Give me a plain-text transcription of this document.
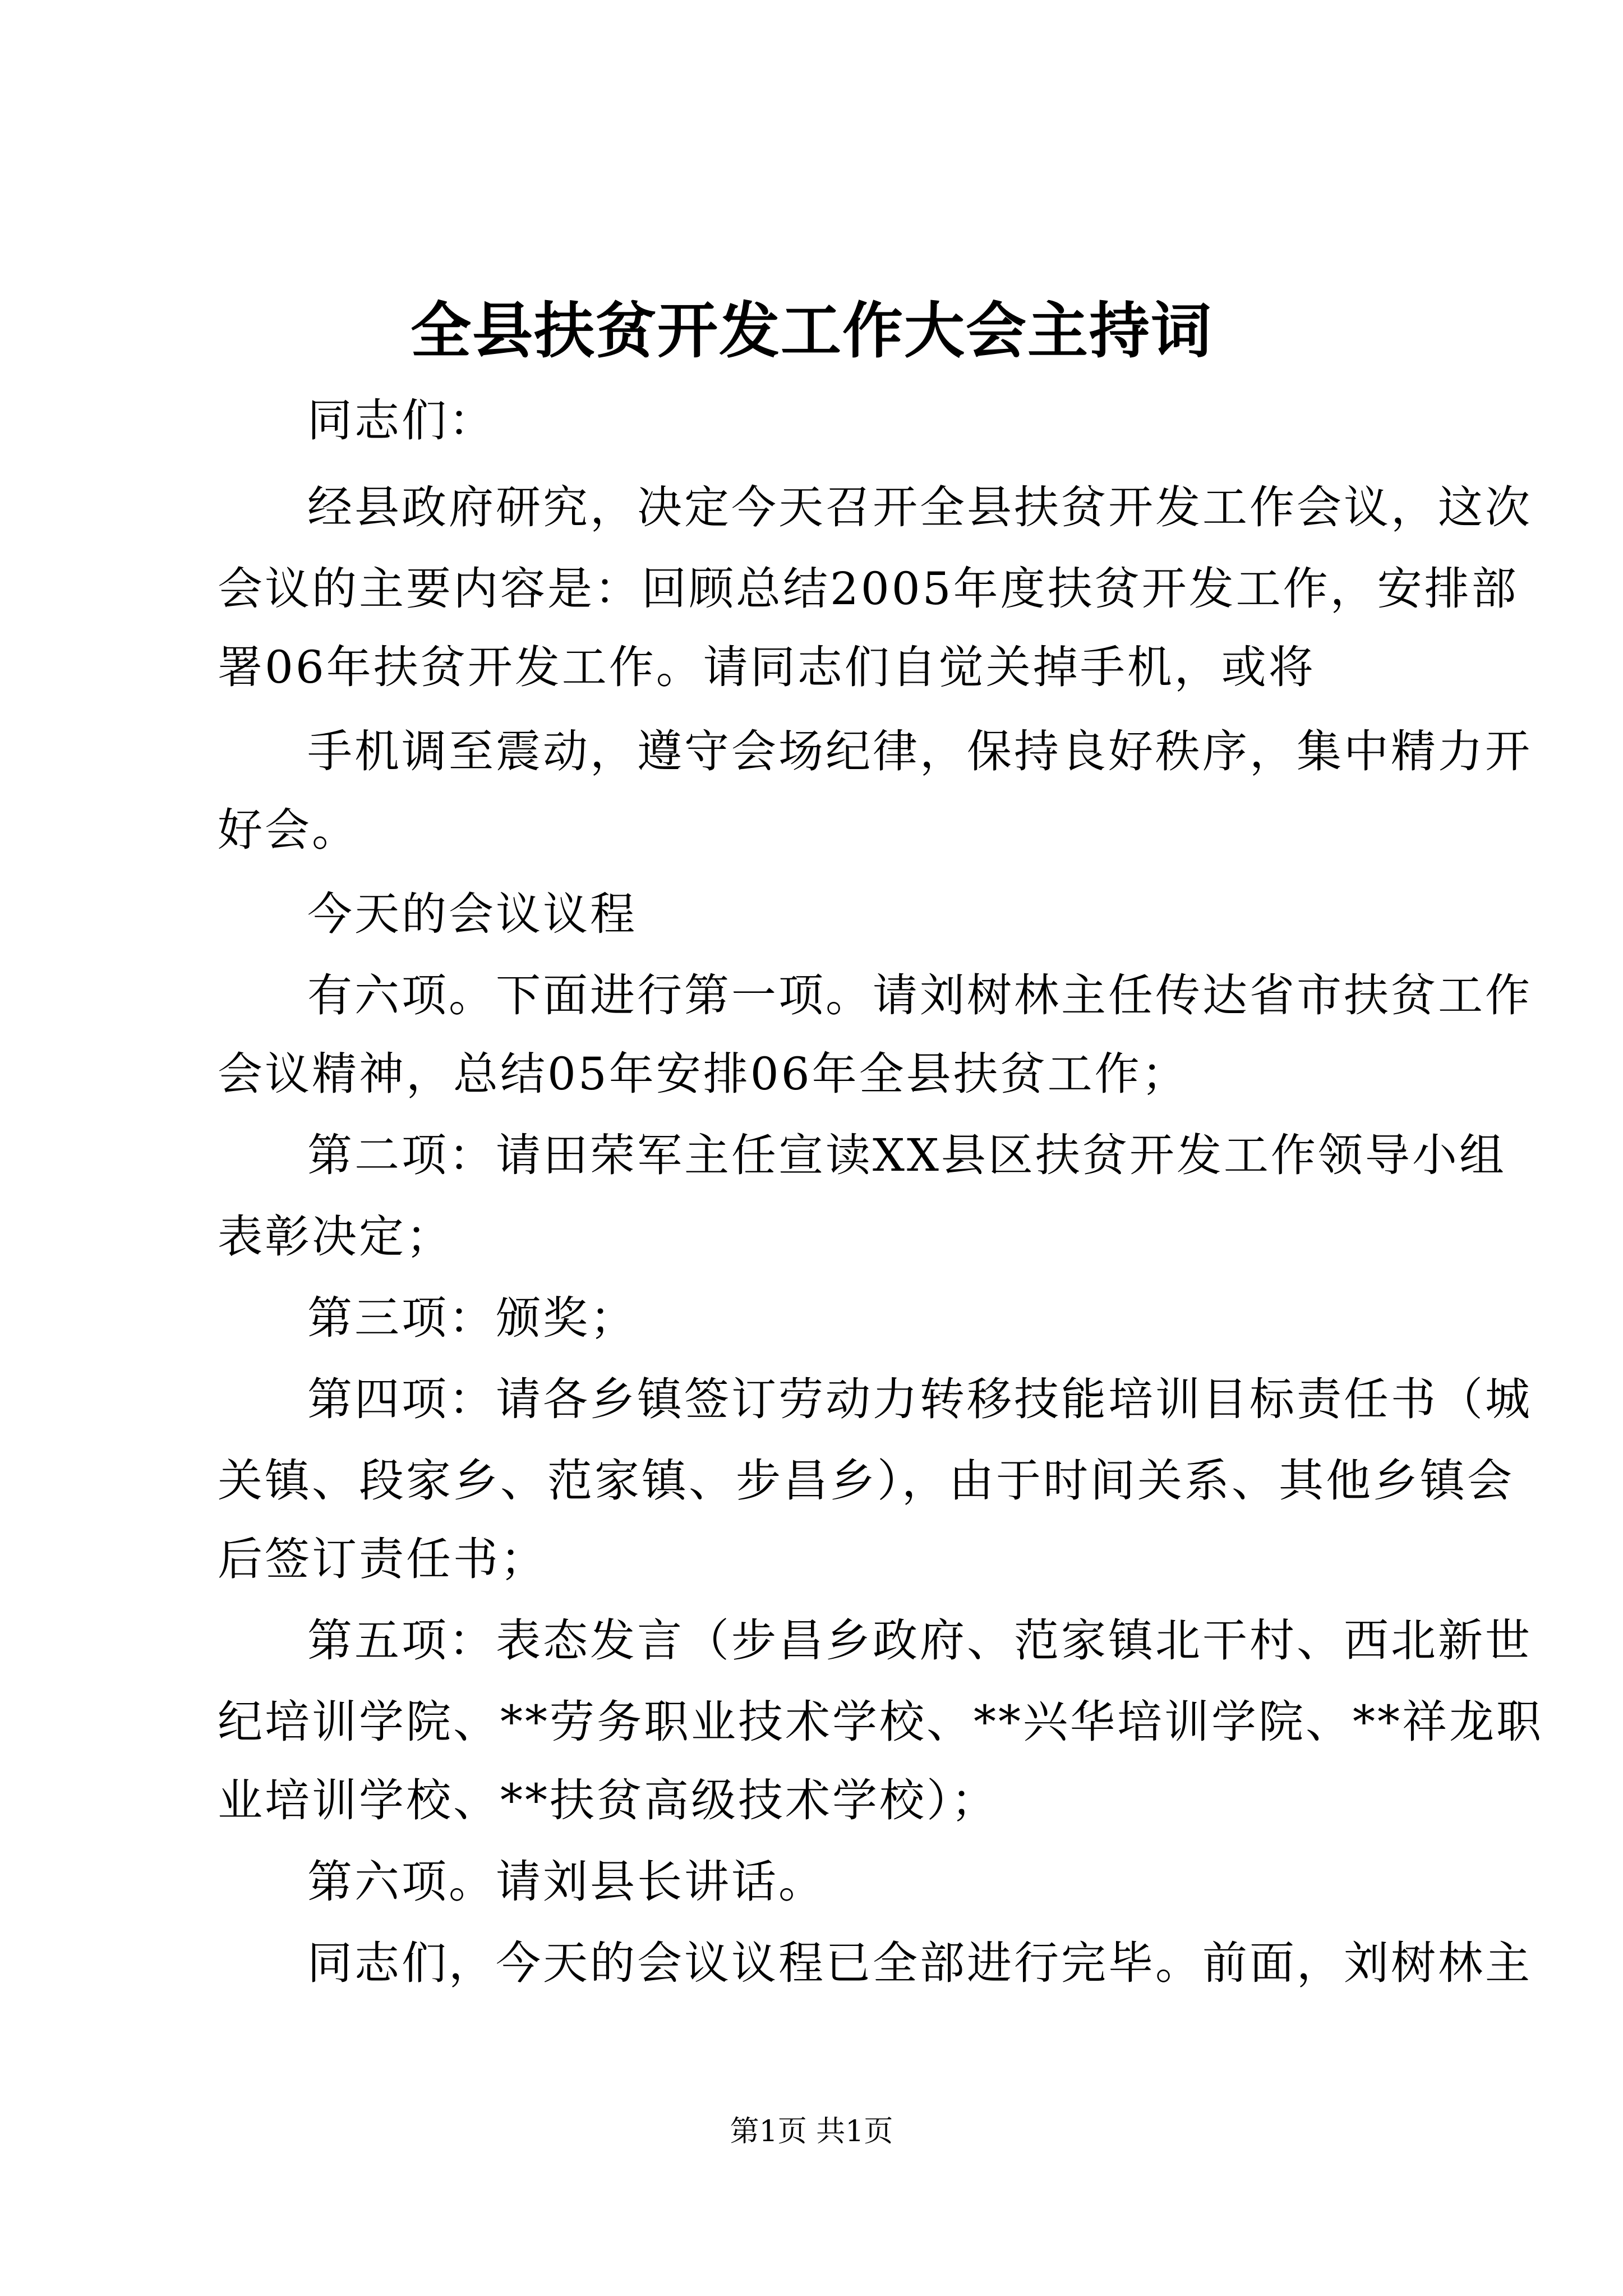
全县扶贫开发工作大会主持词
同志们：
经县政府研究，决定今天召开全县扶贫开发工作会议，这次
会议的主要内容是：回顾总结2005年度扶贫开发工作，安排部
署06年扶贫开发工作。请同志们自觉关掉手机，或将
手机调至震动，遵守会场纪律，保持良好秩序，集中精力开
好会。
今天的会议议程
有六项。下面进行第一项。请刘树林主任传达省市扶贫工作
会议精神，总结05年安排06年全县扶贫工作；
第二项：请田荣军主任宣读XX县区扶贫开发工作领导小组
表彰决定；
第三项：颁奖；
第四项：请各乡镇签订劳动力转移技能培训目标责任书（城
关镇、段家乡、范家镇、步昌乡），由于时间关系、其他乡镇会
后签订责任书；
第五项：表态发言（步昌乡政府、范家镇北干村、西北新世
纪培训学院、**劳务职业技术学校、**兴华培训学院、**祥龙职
业培训学校、**扶贫高级技术学校）；
第六项。请刘县长讲话。
同志们，今天的会议议程已全部进行完毕。前面，刘树林主
第1页 共1页
